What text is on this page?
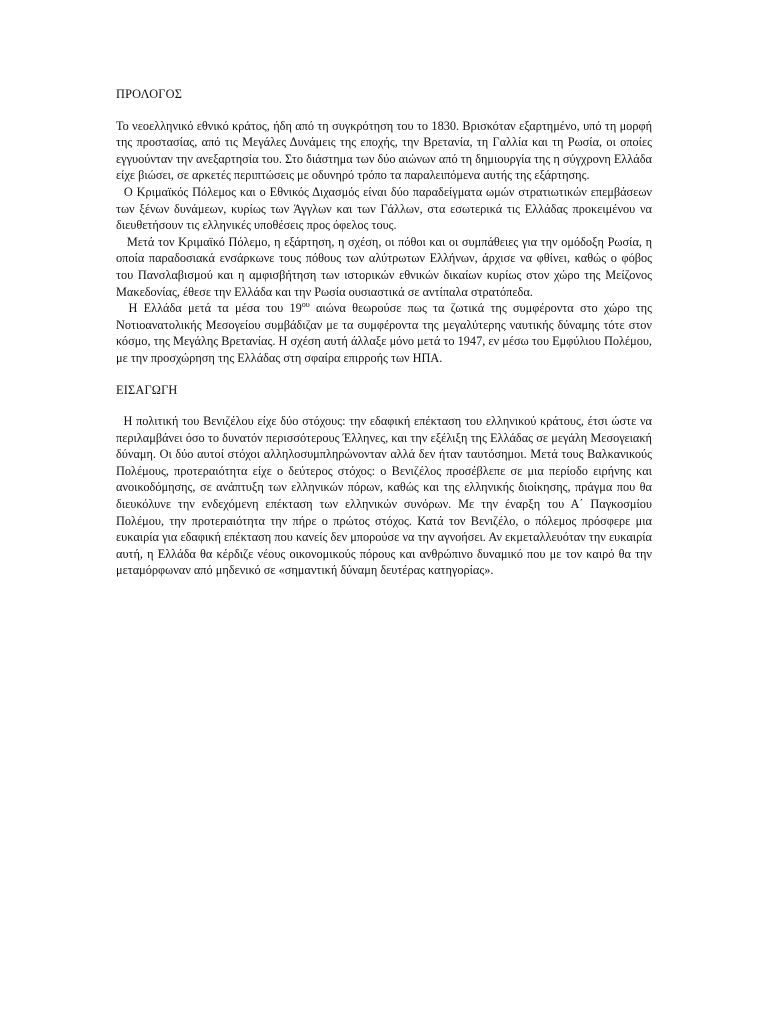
ΠΡΟΛΟΓΟΣ

Το νεοελληνικό εθνικό κράτος, ήδη από τη συγκρότηση του το 1830. Βρισκόταν εξαρτημένο, υπό τη μορφή της προστασίας, από τις Μεγάλες Δυνάμεις της εποχής, την Βρετανία, τη Γαλλία και τη Ρωσία, οι οποίες εγγυούνταν την ανεξαρτησία του. Στο διάστημα των δύο αιώνων από τη δημιουργία της η σύγχρονη Ελλάδα είχε βιώσει, σε αρκετές περιπτώσεις με οδυνηρό τρόπο τα παραλειπόμενα αυτής της εξάρτησης.

Ο Κριμαϊκός Πόλεμος και ο Εθνικός Διχασμός είναι δύο παραδείγματα ωμών στρατιωτικών επεμβάσεων των ξένων δυνάμεων, κυρίως των Άγγλων και των Γάλλων, στα εσωτερικά τις Ελλάδας προκειμένου να διευθετήσουν τις ελληνικές υποθέσεις προς όφελος τους.

Μετά τον Κριμαϊκό Πόλεμο, η εξάρτηση, η σχέση, οι πόθοι και οι συμπάθειες για την ομόδοξη Ρωσία, η οποία παραδοσιακά ενσάρκωνε τους πόθους των αλύτρωτων Ελλήνων, άρχισε να φθίνει, καθώς ο φόβος του Πανσλαβισμού και η αμφισβήτηση των ιστορικών εθνικών δικαίων κυρίως στον χώρο της Μείζονος Μακεδονίας, έθεσε την Ελλάδα και την Ρωσία ουσιαστικά σε αντίπαλα στρατόπεδα.

Η Ελλάδα μετά τα μέσα του $19^{o\upsilon}$ αιώνα θεωρούσε πως τα ζωτικά της συμφέροντα στο χώρο της Νοτιοανατολικής Μεσογείου συμβάδιζαν με τα συμφέροντα της μεγαλύτερης ναυτικής δύναμης τότε στον κόσμο, της Μεγάλης Βρετανίας. Η σχέση αυτή άλλαξε μόνο μετά το 1947, εν μέσω του Εμφύλιου Πολέμου, με την προσχώρηση της Ελλάδας στη σφαίρα επιρροής των ΗΠΑ.

ΕΙΣΑΓΩΓΗ

Η πολιτική του Βενιζέλου είχε δύο στόχους: την εδαφική επέκταση του ελληνικού κράτους, έτσι ώστε να περιλαμβάνει όσο το δυνατόν περισσότερους Έλληνες, και την εξέλιξη της Ελλάδας σε μεγάλη Μεσογειακή δύναμη. Οι δύο αυτοί στόχοι αλληλοσυμπληρώνονταν αλλά δεν ήταν ταυτόσημοι. Μετά τους Βαλκανικούς Πολέμους, προτεραιότητα είχε ο δεύτερος στόχος: ο Βενιζέλος προσέβλεπε σε μια περίοδο ειρήνης και ανοικοδόμησης, σε ανάπτυξη των ελληνικών πόρων, καθώς και της ελληνικής διοίκησης, πράγμα που θα διευκόλυνε την ενδεχόμενη επέκταση των ελληνικών συνόρων. Με την έναρξη του Α΄ Παγκοσμίου Πολέμου, την προτεραιότητα την πήρε ο πρώτος στόχος. Κατά τον Βενιζέλο, ο πόλεμος πρόσφερε μια ευκαιρία για εδαφική επέκταση που κανείς δεν μπορούσε να την αγνοήσει. Αν εκμεταλλευόταν την ευκαιρία αυτή, η Ελλάδα θα κέρδιζε νέους οικονομικούς πόρους και ανθρώπινο δυναμικό που με τον καιρό θα την μεταμόρφωναν από μηδενικό σε «σημαντική δύναμη δευτέρας κατηγορίας».
